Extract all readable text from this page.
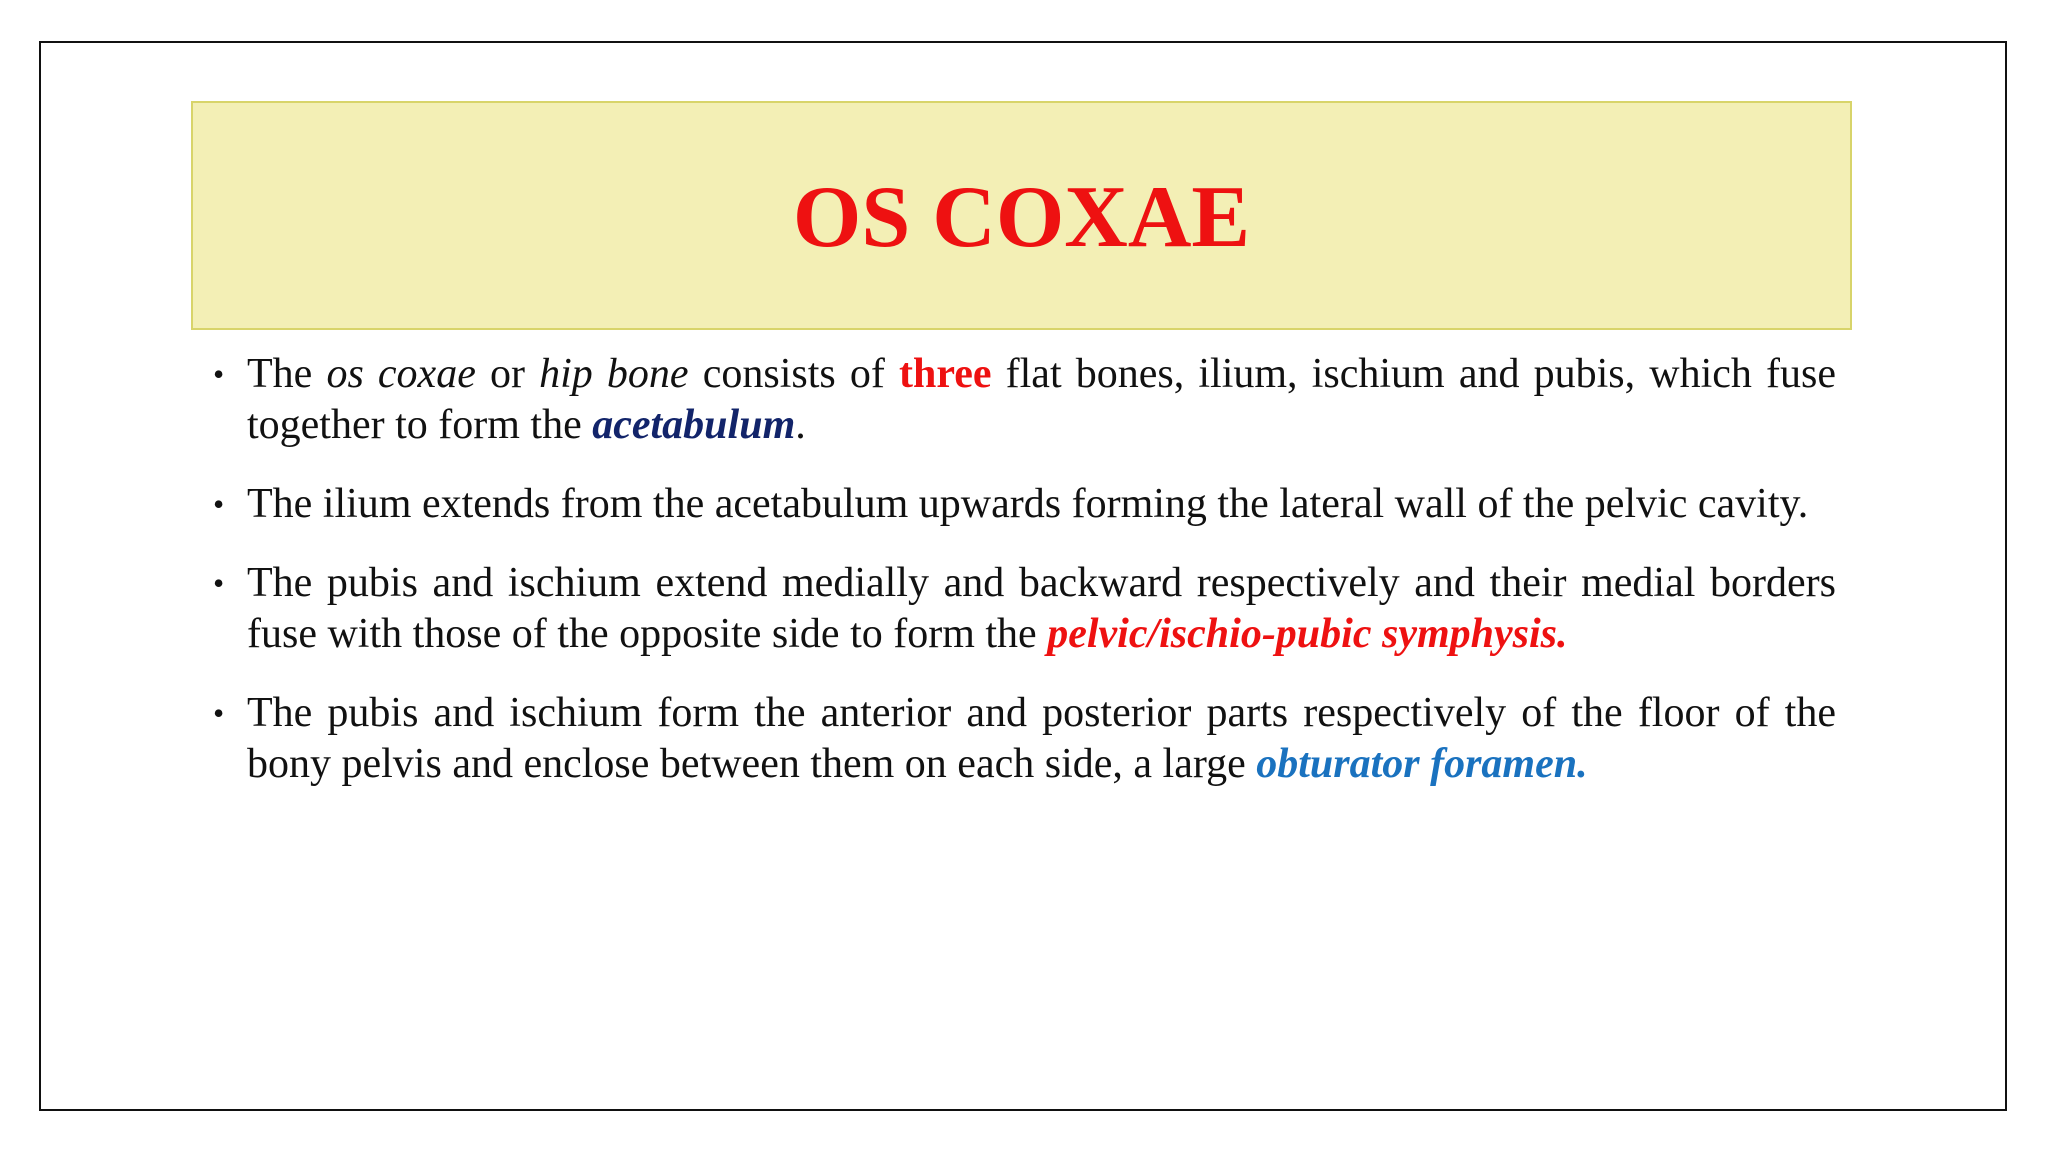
OS COXAE
• The os coxae or hip bone consists of three flat bones, ilium, ischium and pubis, which fuse together to form the acetabulum.
• The ilium extends from the acetabulum upwards forming the lateral wall of the pelvic cavity.
• The pubis and ischium extend medially and backward respectively and their medial borders fuse with those of the opposite side to form the pelvic/ischio-pubic symphysis.
• The pubis and ischium form the anterior and posterior parts respectively of the floor of the bony pelvis and enclose between them on each side, a large obturator foramen.
